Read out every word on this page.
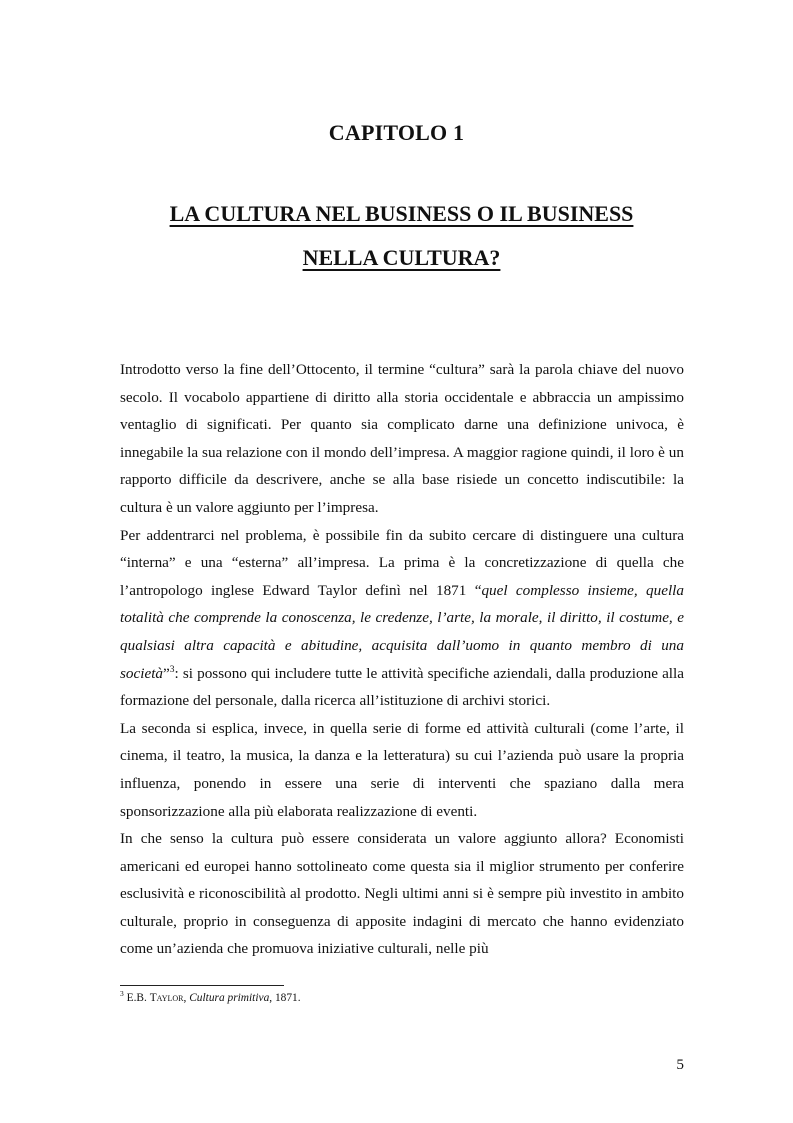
CAPITOLO 1
LA CULTURA NEL BUSINESS O IL BUSINESS
NELLA CULTURA?

Introdotto verso la fine dell’Ottocento, il termine “cultura” sarà la parola chiave del nuovo secolo. Il vocabolo appartiene di diritto alla storia occidentale e abbraccia un ampissimo ventaglio di significati. Per quanto sia complicato darne una definizione univoca, è innegabile la sua relazione con il mondo dell’impresa. A maggior ragione quindi, il loro è un rapporto difficile da descrivere, anche se alla base risiede un concetto indiscutibile: la cultura è un valore aggiunto per l’impresa.

Per addentrarci nel problema, è possibile fin da subito cercare di distinguere una cultura “interna” e una “esterna” all’impresa. La prima è la concretizzazione di quella che l’antropologo inglese Edward Taylor definì nel 1871 “quel complesso insieme, quella totalità che comprende la conoscenza, le credenze, l’arte, la morale, il diritto, il costume, e qualsiasi altra capacità e abitudine, acquisita dall’uomo in quanto membro di una società”$^3$: si possono qui includere tutte le attività specifiche aziendali, dalla produzione alla formazione del personale, dalla ricerca all’istituzione di archivi storici.

La seconda si esplica, invece, in quella serie di forme ed attività culturali (come l’arte, il cinema, il teatro, la musica, la danza e la letteratura) su cui l’azienda può usare la propria influenza, ponendo in essere una serie di interventi che spaziano dalla mera sponsorizzazione alla più elaborata realizzazione di eventi.

In che senso la cultura può essere considerata un valore aggiunto allora? Economisti americani ed europei hanno sottolineato come questa sia il miglior strumento per conferire esclusività e riconoscibilità al prodotto. Negli ultimi anni si è sempre più investito in ambito culturale, proprio in conseguenza di apposite indagini di mercato che hanno evidenziato come un’azienda che promuova iniziative culturali, nelle più

$^3$ E.B. Taylor, Cultura primitiva, 1871.
5
